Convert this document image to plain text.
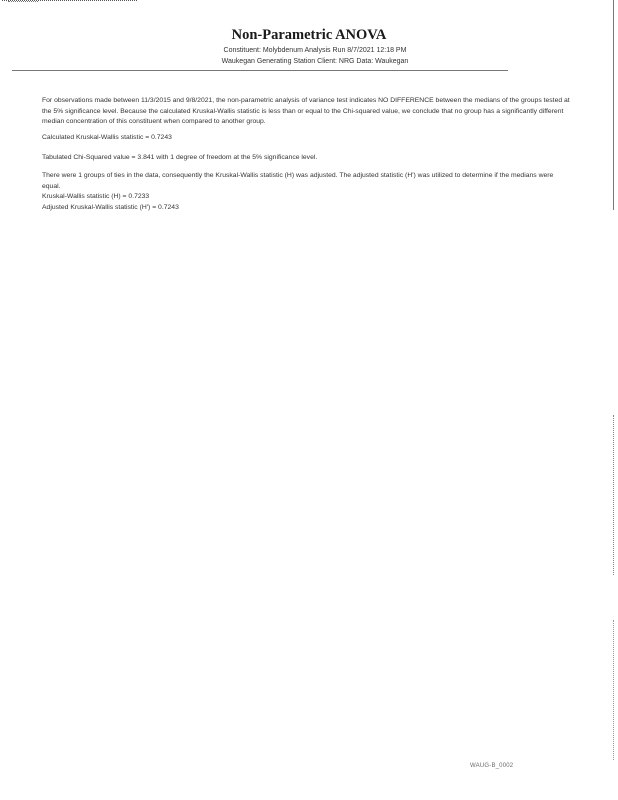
Non-Parametric ANOVA
Constituent: Molybdenum Analysis Run 8/7/2021 12:18 PM
Waukegan Generating Station Client: NRG Data: Waukegan
For observations made between 11/3/2015 and 9/8/2021, the non-parametric analysis of variance test indicates NO DIFFERENCE between the medians of the groups tested at the 5% significance level. Because the calculated Kruskal-Wallis statistic is less than or equal to the Chi-squared value, we conclude that no group has a significantly different median concentration of this constituent when compared to another group.
Calculated Kruskal-Wallis statistic = 0.7243
Tabulated Chi-Squared value = 3.841 with 1 degree of freedom at the 5% significance level.
There were 1 groups of ties in the data, consequently the Kruskal-Wallis statistic (H) was adjusted. The adjusted statistic (H') was utilized to determine if the medians were equal.
Kruskal-Wallis statistic (H) = 0.7233
Adjusted Kruskal-Wallis statistic (H') = 0.7243
WAUG-B_0002
